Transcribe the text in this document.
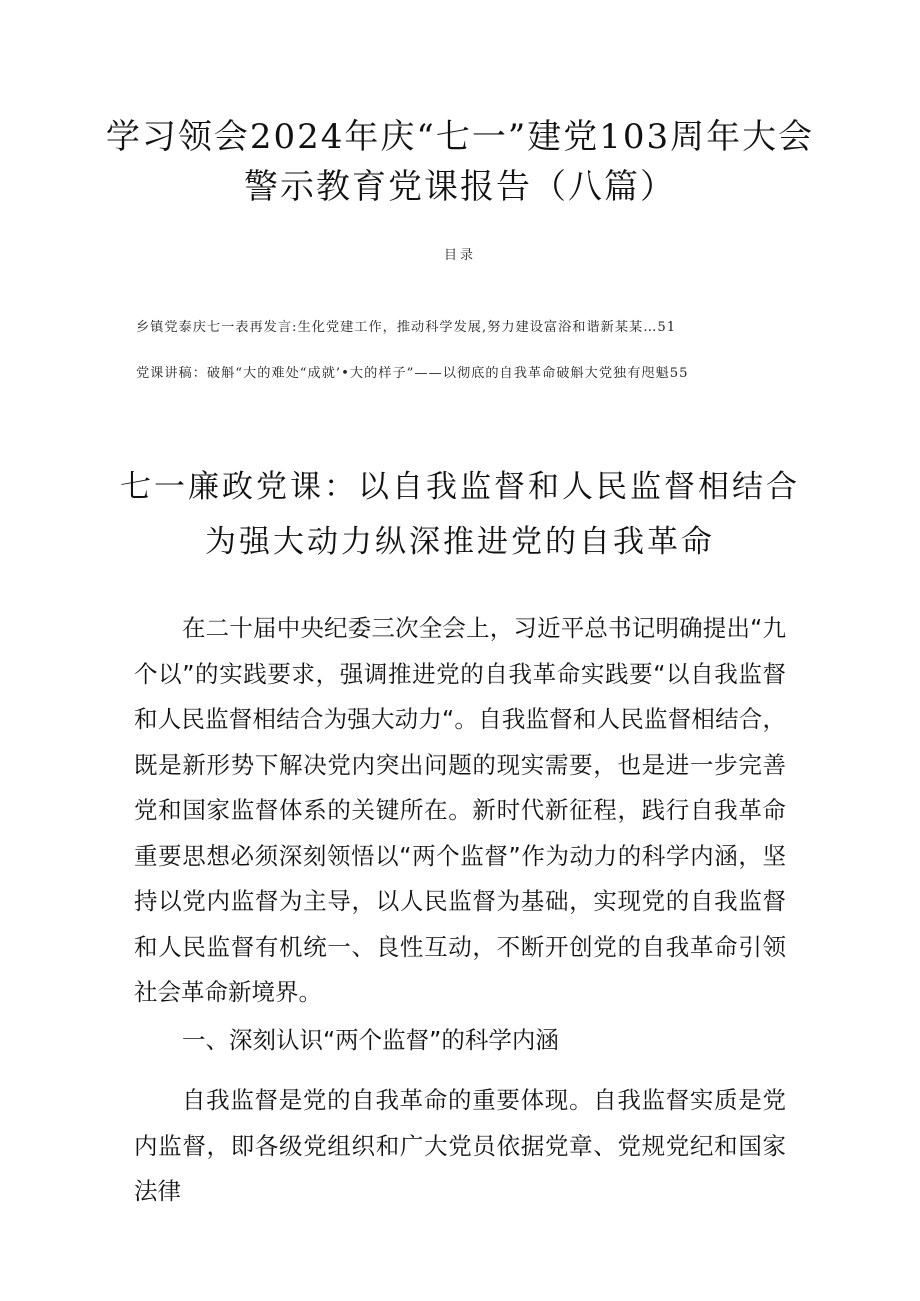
学习领会2024年庆“七一”建党103周年大会警示教育党课报告（八篇）
目录
乡镇党泰庆七一表再发言:生化党建工作，推动科学发展,努力建设富浴和谐新某某…51
党课讲稿：破斛“大的难处“成就’•大的样子”——以彻底的自我革命破斛大党独有咫魁55
七一廉政党课：以自我监督和人民监督相结合为强大动力纵深推进党的自我革命

在二十届中央纪委三次全会上，习近平总书记明确提出“九个以”的实践要求，强调推进党的自我革命实践要“以自我监督和人民监督相结合为强大动力“。自我监督和人民监督相结合，既是新形势下解决党内突出问题的现实需要，也是进一步完善党和国家监督体系的关键所在。新时代新征程，践行自我革命重要思想必须深刻领悟以“两个监督”作为动力的科学内涵，坚持以党内监督为主导，以人民监督为基础，实现党的自我监督和人民监督有机统一、良性互动，不断开创党的自我革命引领社会革命新境界。

一、深刻认识“两个监督”的科学内涵

自我监督是党的自我革命的重要体现。自我监督实质是党内监督，即各级党组织和广大党员依据党章、党规党纪和国家法律
